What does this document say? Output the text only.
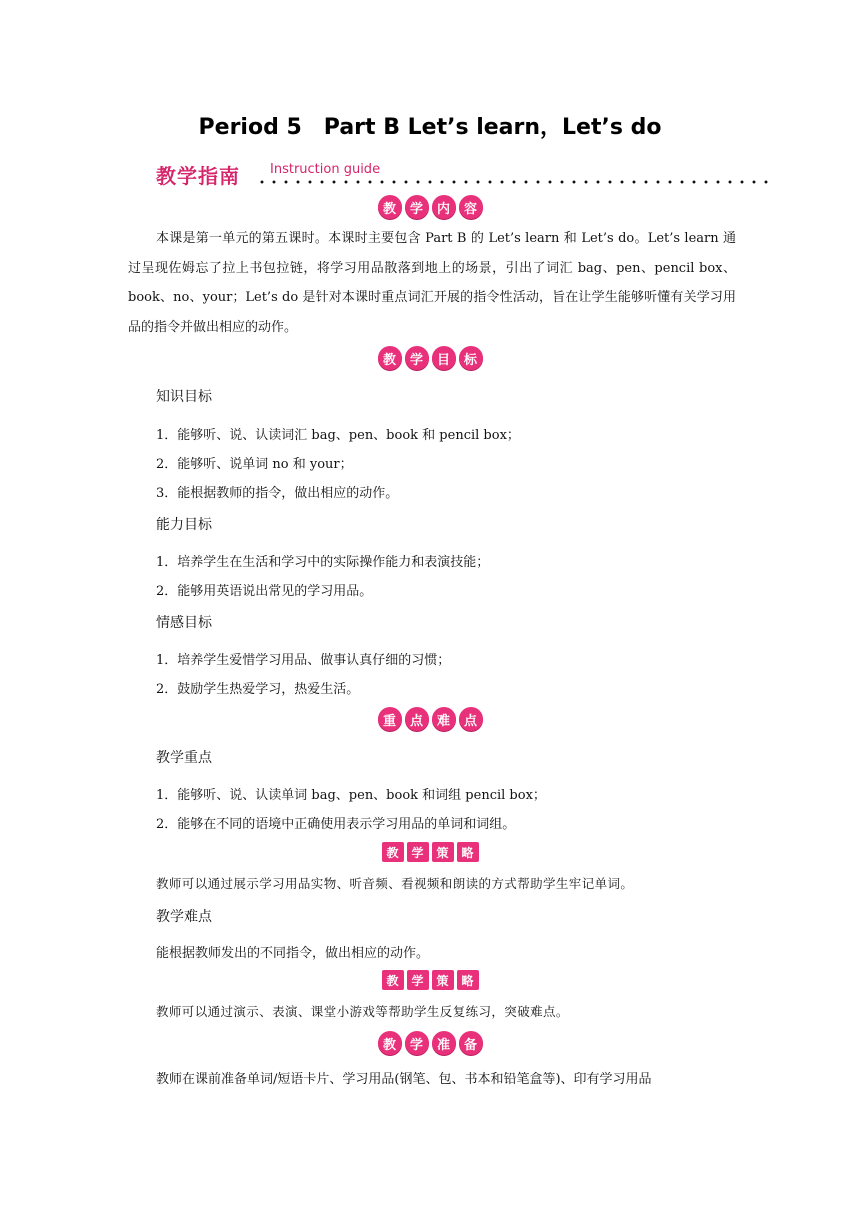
Period 5　Part B Let’s learn，Let’s do
教学指南 Instruction guide
教	学	内	容

本课是第一单元的第五课时。本课时主要包含 Part B 的 Let’s learn 和 Let’s do。Let’s learn 通过呈现佐姆忘了拉上书包拉链，将学习用品散落到地上的场景，引出了词汇 bag、pen、pencil box、book、no、your；Let’s do 是针对本课时重点词汇开展的指令性活动，旨在让学生能够听懂有关学习用品的指令并做出相应的动作。

教	学	目	标
知识目标
1．能够听、说、认读词汇 bag、pen、book 和 pencil box；
2．能够听、说单词 no 和 your；
3．能根据教师的指令，做出相应的动作。
能力目标
1．培养学生在生活和学习中的实际操作能力和表演技能；
2．能够用英语说出常见的学习用品。
情感目标
1．培养学生爱惜学习用品、做事认真仔细的习惯；
2．鼓励学生热爱学习，热爱生活。
重	点	难	点
教学重点
1．能够听、说、认读单词 bag、pen、book 和词组 pencil box；
2．能够在不同的语境中正确使用表示学习用品的单词和词组。
教	学	策	略
教师可以通过展示学习用品实物、听音频、看视频和朗读的方式帮助学生牢记单词。
教学难点
能根据教师发出的不同指令，做出相应的动作。
教	学	策	略
教师可以通过演示、表演、课堂小游戏等帮助学生反复练习，突破难点。
教	学	准	备
教师在课前准备单词/短语卡片、学习用品(钢笔、包、书本和铅笔盒等)、印有学习用品
